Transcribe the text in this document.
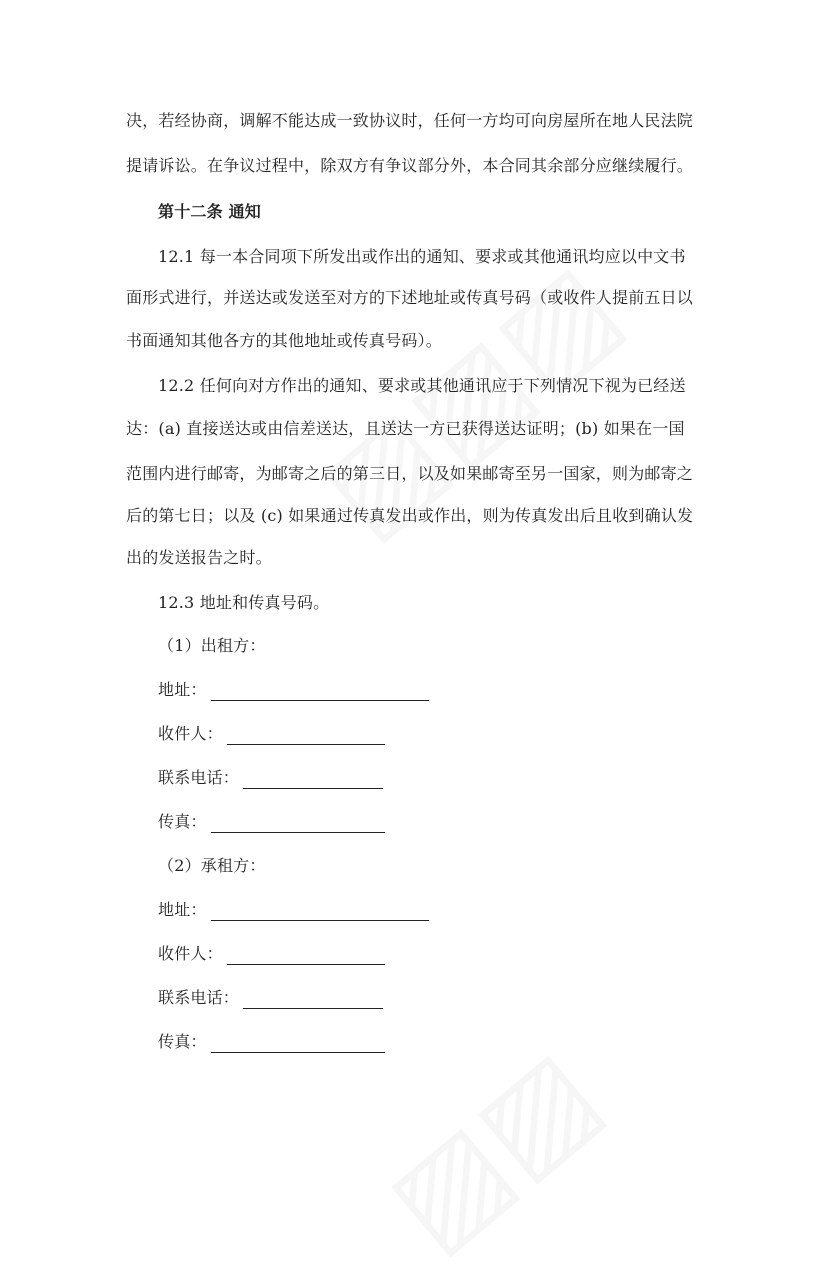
决，若经协商，调解不能达成一致协议时，任何一方均可向房屋所在地人民法院
提请诉讼。在争议过程中，除双方有争议部分外，本合同其余部分应继续履行。
第十二条 通知
12.1 每一本合同项下所发出或作出的通知、要求或其他通讯均应以中文书
面形式进行，并送达或发送至对方的下述地址或传真号码（或收件人提前五日以
书面通知其他各方的其他地址或传真号码）。
12.2 任何向对方作出的通知、要求或其他通讯应于下列情况下视为已经送
达：(a) 直接送达或由信差送达，且送达一方已获得送达证明；(b) 如果在一国
范围内进行邮寄，为邮寄之后的第三日，以及如果邮寄至另一国家，则为邮寄之
后的第七日；以及 (c) 如果通过传真发出或作出，则为传真发出后且收到确认发
出的发送报告之时。
12.3 地址和传真号码。
（1）出租方：
地址：
收件人：
联系电话：
传真：
（2）承租方：
地址：
收件人：
联系电话：
传真：
